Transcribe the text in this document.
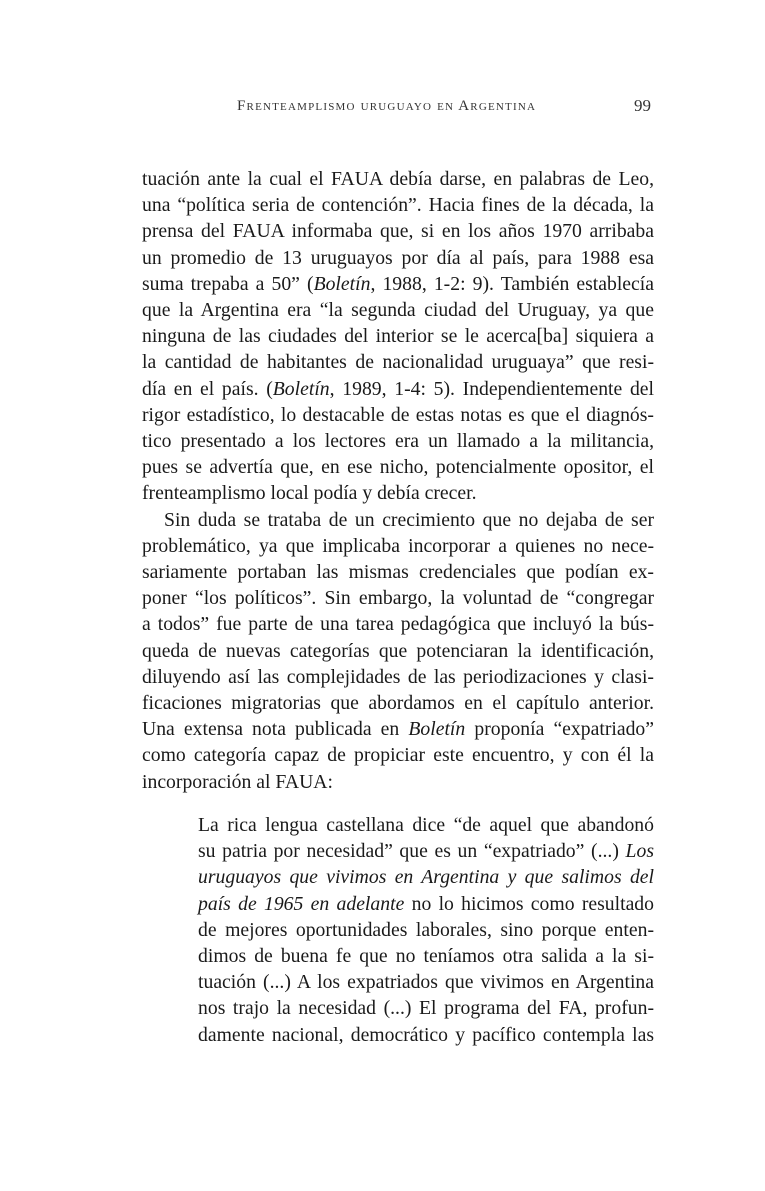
Frenteamplismo uruguayo en Argentina	99
tuación ante la cual el FAUA debía darse, en palabras de Leo,
una “política seria de contención”. Hacia fines de la década, la
prensa del FAUA informaba que, si en los años 1970 arribaba
un promedio de 13 uruguayos por día al país, para 1988 esa
suma trepaba a 50” (Boletín, 1988, 1-2: 9). También establecía
que la Argentina era “la segunda ciudad del Uruguay, ya que
ninguna de las ciudades del interior se le acerca[ba] siquiera a
la cantidad de habitantes de nacionalidad uruguaya” que resi-
día en el país. (Boletín, 1989, 1-4: 5). Independientemente del
rigor estadístico, lo destacable de estas notas es que el diagnós-
tico presentado a los lectores era un llamado a la militancia,
pues se advertía que, en ese nicho, potencialmente opositor, el
frenteamplismo local podía y debía crecer.
Sin duda se trataba de un crecimiento que no dejaba de ser
problemático, ya que implicaba incorporar a quienes no nece-
sariamente portaban las mismas credenciales que podían ex-
poner “los políticos”. Sin embargo, la voluntad de “congregar
a todos” fue parte de una tarea pedagógica que incluyó la bús-
queda de nuevas categorías que potenciaran la identificación,
diluyendo así las complejidades de las periodizaciones y clasi-
ficaciones migratorias que abordamos en el capítulo anterior.
Una extensa nota publicada en Boletín proponía “expatriado”
como categoría capaz de propiciar este encuentro, y con él la
incorporación al FAUA:
La rica lengua castellana dice “de aquel que abandonó
su patria por necesidad” que es un “expatriado” (...) Los
uruguayos que vivimos en Argentina y que salimos del
país de 1965 en adelante no lo hicimos como resultado
de mejores oportunidades laborales, sino porque enten-
dimos de buena fe que no teníamos otra salida a la si-
tuación (...) A los expatriados que vivimos en Argentina
nos trajo la necesidad (...) El programa del FA, profun-
damente nacional, democrático y pacífico contempla las
